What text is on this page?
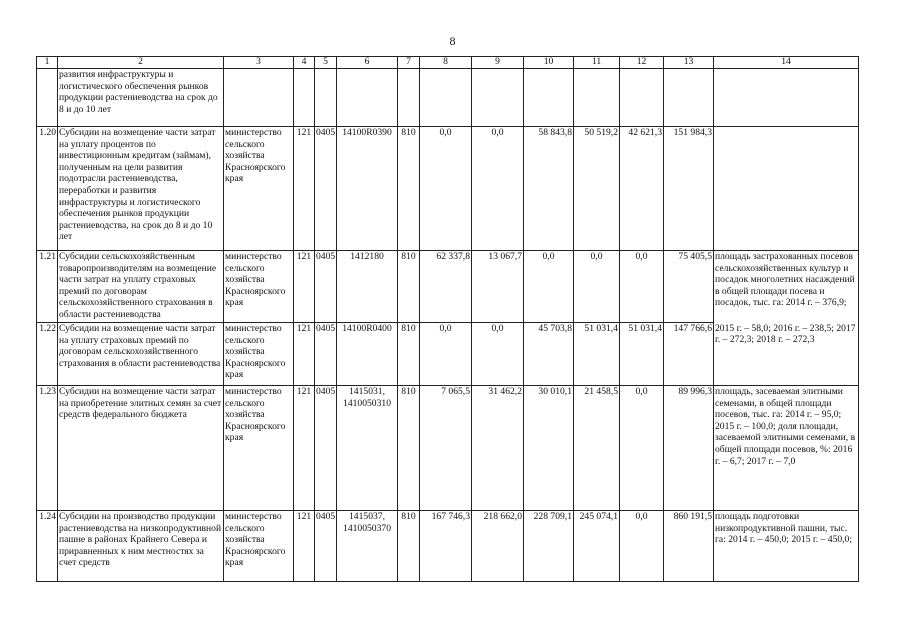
8
1	2	3	4	5	6	7	8	9	10	11	12	13	14
	развития инфраструктуры и логистического обеспечения рынков продукции растениеводства на срок до 8 и до 10 лет												
1.20	Субсидии на возмещение части затрат на уплату процентов по инвестиционным кредитам (займам), полученным на цели развития подотрасли растениеводства, переработки и развития инфраструктуры и логистического обеспечения рынков продукции растениеводства, на срок до 8 и до 10 лет	министерство сельского хозяйства Красноярского края	121	0405	14100R0390	810	0,0	0,0	58 843,8	50 519,2	42 621,3	151 984,3	
1.21	Субсидии сельскохозяйственным товаропроизводителям на возмещение части затрат на уплату страховых премий по договорам сельскохозяйственного страхования в области растениеводства	министерство сельского хозяйства Красноярского края	121	0405	1412180	810	62 337,8	13 067,7	0,0	0,0	0,0	75 405,5	площадь застрахованных посевов сельскохозяйственных культур и посадок многолетних насаждений в общей площади посева и посадок, тыс. га: 2014 г. – 376,9;
1.22	Субсидии на возмещение части затрат на уплату страховых премий по договорам сельскохозяйственного страхования в области растениеводства	министерство сельского хозяйства Красноярского края	121	0405	14100R0400	810	0,0	0,0	45 703,8	51 031,4	51 031,4	147 766,6	2015 г. – 58,0; 2016 г. – 238,5; 2017 г. – 272,3; 2018 г. – 272,3
1.23	Субсидии на возмещение части затрат на приобретение элитных семян за счет средств федерального бюджета	министерство сельского хозяйства Красноярского края	121	0405	1415031, 1410050310	810	7 065,5	31 462,2	30 010,1	21 458,5	0,0	89 996,3	площадь, засеваемая элитными семенами, в общей площади посевов, тыс. га: 2014 г. – 95,0; 2015 г. – 100,0; доля площади, засеваемой элитными семенами, в общей площади посевов, %: 2016 г. – 6,7; 2017 г. – 7,0
1.24	Субсидии на производство продукции растениеводства на низкопродуктивной пашне в районах Крайнего Севера и приравненных к ним местностях за счет средств	министерство сельского хозяйства Красноярского края	121	0405	1415037, 1410050370	810	167 746,3	218 662,0	228 709,1	245 074,1	0,0	860 191,5	площадь подготовки низкопродуктивной пашни, тыс. га: 2014 г. – 450,0; 2015 г. – 450,0;
